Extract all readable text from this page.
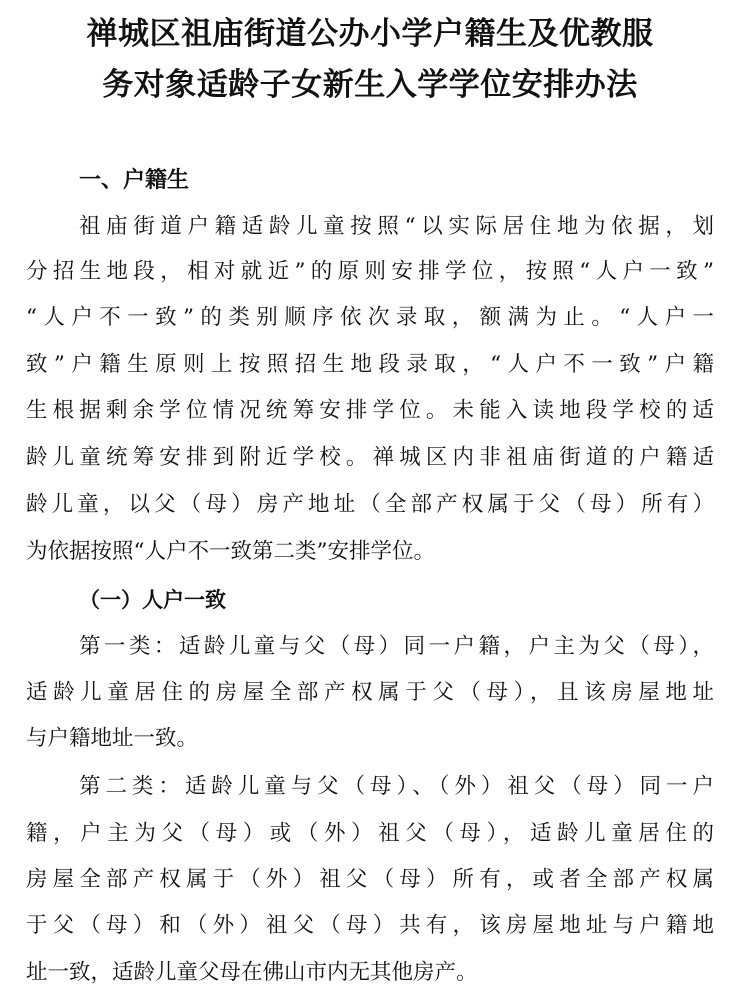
禅城区祖庙街道公办小学户籍生及优教服
务对象适龄子女新生入学学位安排办法
一、户籍生
祖庙街道户籍适龄儿童按照“以实际居住地为依据，划
分招生地段，相对就近”的原则安排学位，按照“人户一致”
“人户不一致”的类别顺序依次录取，额满为止。“人户一
致”户籍生原则上按照招生地段录取，“人户不一致”户籍
生根据剩余学位情况统筹安排学位。未能入读地段学校的适
龄儿童统筹安排到附近学校。禅城区内非祖庙街道的户籍适
龄儿童，以父（母）房产地址（全部产权属于父（母）所有）
为依据按照“人户不一致第二类”安排学位。
（一）人户一致
第一类：适龄儿童与父（母）同一户籍，户主为父（母），
适龄儿童居住的房屋全部产权属于父（母），且该房屋地址
与户籍地址一致。
第二类：适龄儿童与父（母）、（外）祖父（母）同一户
籍，户主为父（母）或（外）祖父（母），适龄儿童居住的
房屋全部产权属于（外）祖父（母）所有，或者全部产权属
于父（母）和（外）祖父（母）共有，该房屋地址与户籍地
址一致，适龄儿童父母在佛山市内无其他房产。
